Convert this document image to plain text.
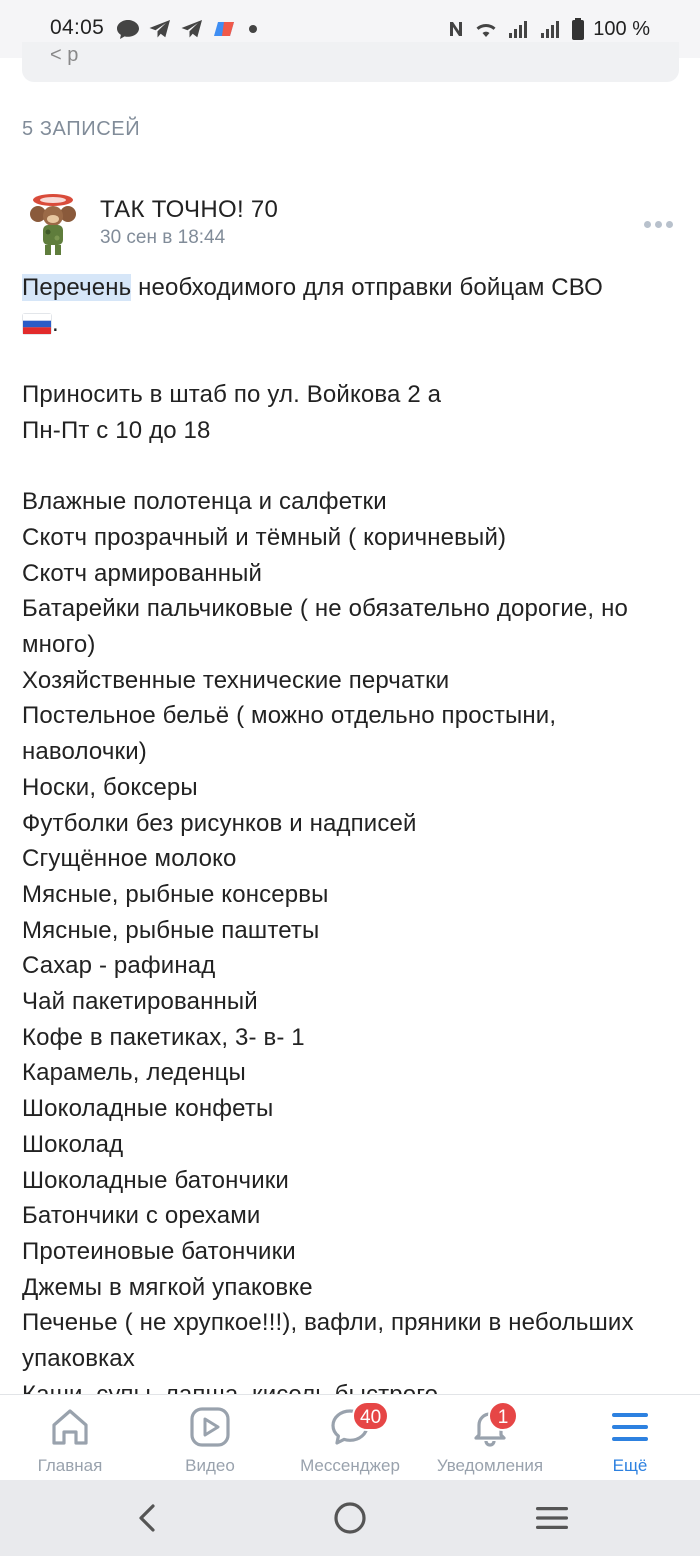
04:05	100 %
< p
5 ЗАПИСЕЙ
ТАК ТОЧНО! 70
30 сен в 18:44

Перечень необходимого для отправки бойцам СВО
.

Приносить в штаб по ул. Войкова 2 а
Пн-Пт с 10 до 18

Влажные полотенца и салфетки
Скотч прозрачный и тёмный ( коричневый)
Скотч армированный
Батарейки пальчиковые ( не обязательно дорогие, но много)
Хозяйственные технические перчатки
Постельное бельё ( можно отдельно простыни, наволочки)
Носки, боксеры
Футболки без рисунков и надписей
Сгущённое молоко
Мясные, рыбные консервы
Мясные, рыбные паштеты
Сахар - рафинад
Чай пакетированный
Кофе в пакетиках, 3- в- 1
Карамель, леденцы
Шоколадные конфеты
Шоколад
Шоколадные батончики
Батончики с орехами
Протеиновые батончики
Джемы в мягкой упаковке
Печенье ( не хрупкое!!!), вафли, пряники в небольших упаковках

Главная	Видео
40
Мессенджер
1
Уведомления	Ещё
